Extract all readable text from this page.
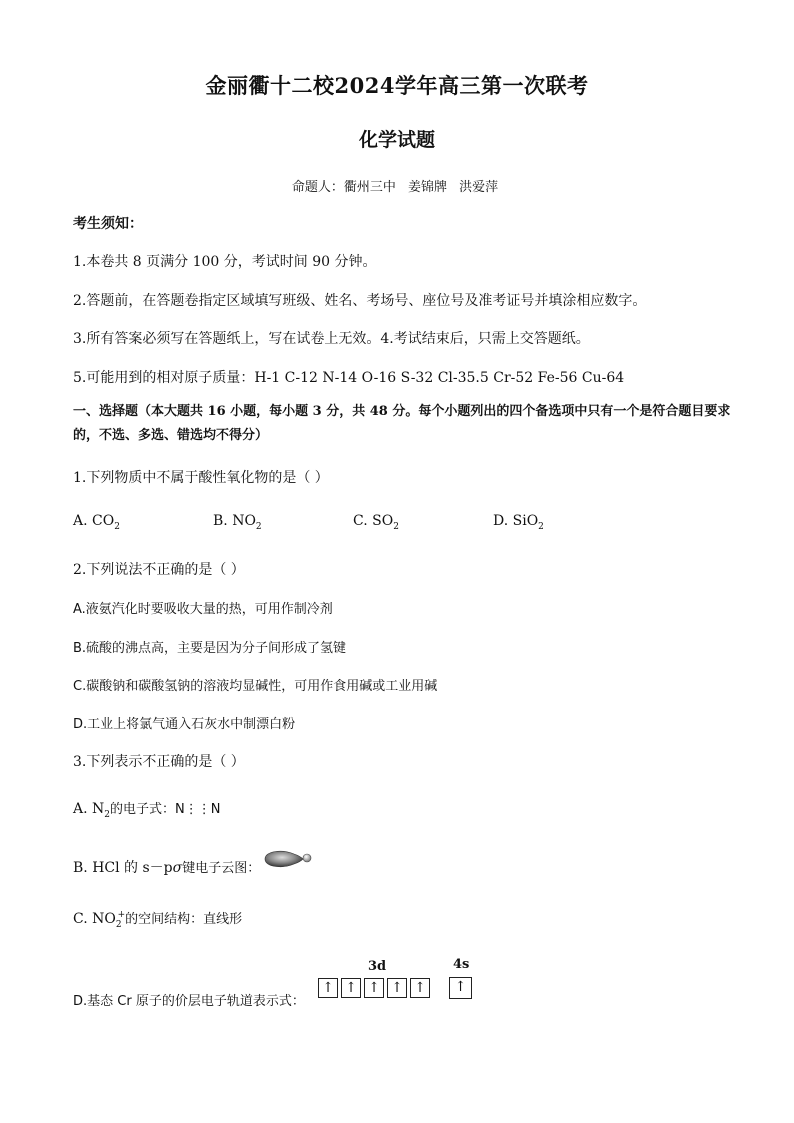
金丽衢十二校2024学年高三第一次联考
化学试题
命题人：衢州三中 姜锦牌 洪爱萍
考生须知：
1.本卷共 8 页满分 100 分，考试时间 90 分钟。
2.答题前，在答题卷指定区域填写班级、姓名、考场号、座位号及准考证号并填涂相应数字。
3.所有答案必须写在答题纸上，写在试卷上无效。4.考试结束后，只需上交答题纸。
5.可能用到的相对原子质量：H-1 C-12 N-14 O-16 S-32 Cl-35.5 Cr-52 Fe-56 Cu-64
一、选择题（本大题共 16 小题，每小题 3 分，共 48 分。每个小题列出的四个备选项中只有一个是符合题目要求的，不选、多选、错选均不得分）
1.下列物质中不属于酸性氧化物的是（ ）
A. $CO_2$	B. $NO_2$	C. $SO_2$	D. SiO$_2$
2.下列说法不正确的是（ ）
A.液氨汽化时要吸收大量的热，可用作制冷剂
B.硫酸的沸点高，主要是因为分子间形成了氢键
C.碳酸钠和碳酸氢钠的溶液均显碱性，可用作食用碱或工业用碱
D.工业上将氯气通入石灰水中制漂白粉
3.下列表示不正确的是（ ）
A. $N_2$的电子式：N⋮⋮N
B. HCl 的 s－pσ键电子云图：
C. $NO_2^+$的空间结构：直线形
D.基态 Cr 原子的价层电子轨道表示式：
3d	4s
↑ ↑ ↑ ↑ ↑	↑
